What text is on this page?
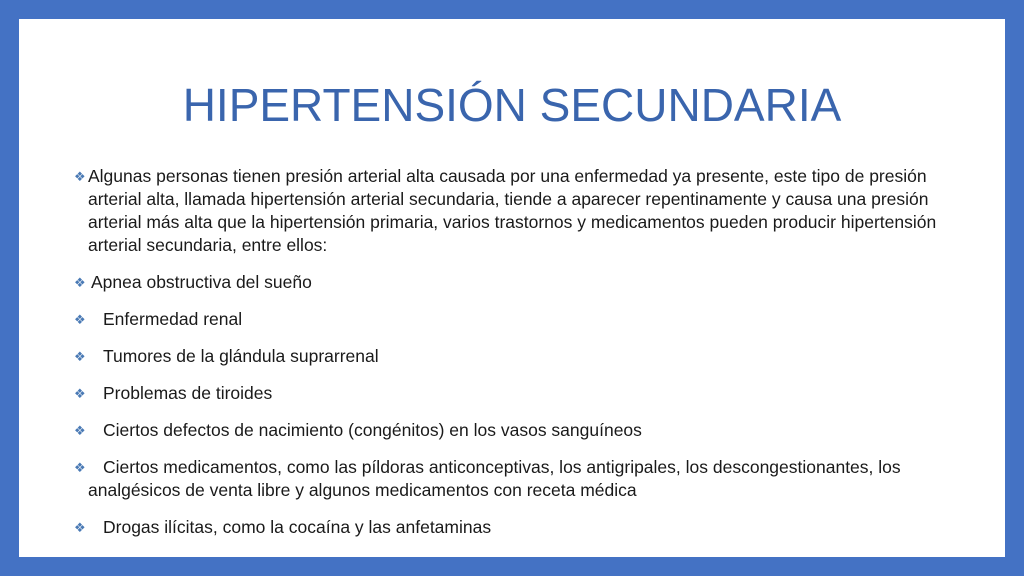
HIPERTENSIÓN SECUNDARIA
❖ Algunas personas tienen presión arterial alta causada por una enfermedad ya presente, este tipo de presión arterial alta, llamada hipertensión arterial secundaria, tiende a aparecer repentinamente y causa una presión arterial más alta que la hipertensión primaria, varios trastornos y medicamentos pueden producir hipertensión arterial secundaria, entre ellos:
❖ Apnea obstructiva del sueño
❖ Enfermedad renal
❖ Tumores de la glándula suprarrenal
❖ Problemas de tiroides
❖ Ciertos defectos de nacimiento (congénitos) en los vasos sanguíneos
❖ Ciertos medicamentos, como las píldoras anticonceptivas, los antigripales, los descongestionantes, los analgésicos de venta libre y algunos medicamentos con receta médica
❖ Drogas ilícitas, como la cocaína y las anfetaminas
